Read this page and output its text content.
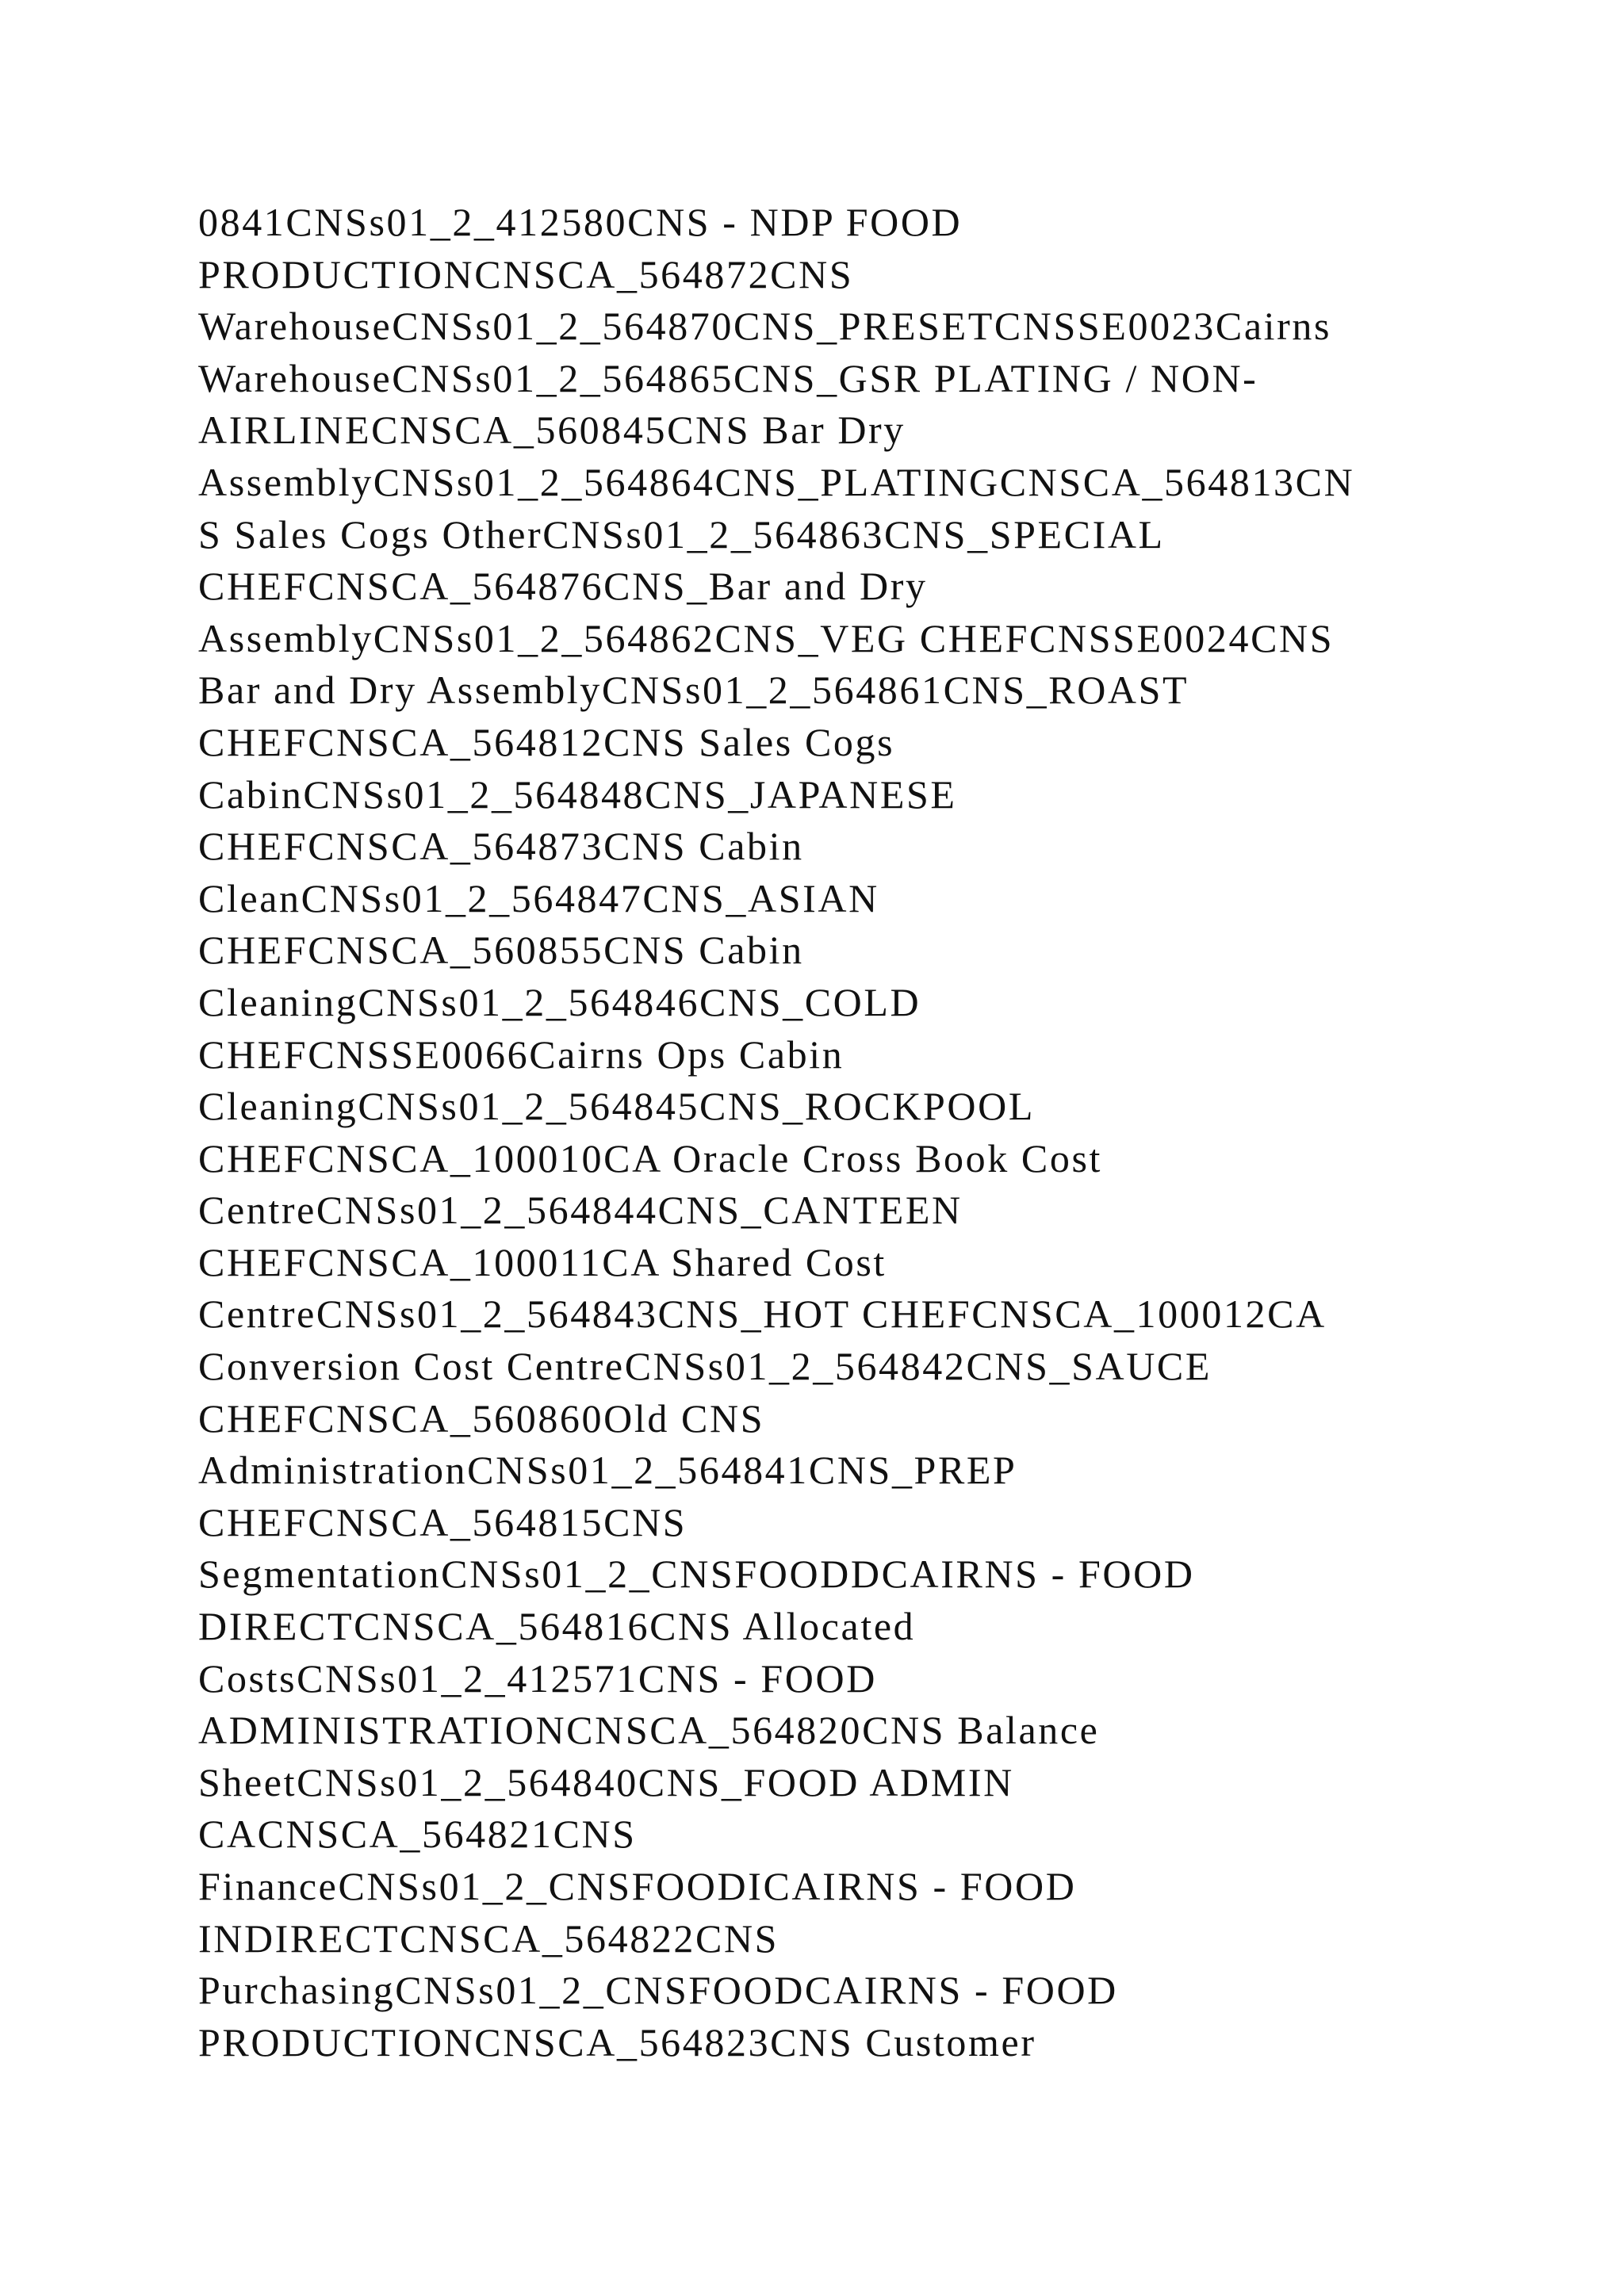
0841CNSs01_2_412580CNS - NDP FOOD
PRODUCTIONCNSCA_564872CNS
WarehouseCNSs01_2_564870CNS_PRESETCNSSE0023Cairns
WarehouseCNSs01_2_564865CNS_GSR PLATING / NON-
AIRLINECNSCA_560845CNS Bar Dry
AssemblyCNSs01_2_564864CNS_PLATINGCNSCA_564813CN
S Sales Cogs OtherCNSs01_2_564863CNS_SPECIAL
CHEFCNSCA_564876CNS_Bar and Dry
AssemblyCNSs01_2_564862CNS_VEG CHEFCNSSE0024CNS
Bar and Dry AssemblyCNSs01_2_564861CNS_ROAST
CHEFCNSCA_564812CNS Sales Cogs
CabinCNSs01_2_564848CNS_JAPANESE
CHEFCNSCA_564873CNS Cabin
CleanCNSs01_2_564847CNS_ASIAN
CHEFCNSCA_560855CNS Cabin
CleaningCNSs01_2_564846CNS_COLD
CHEFCNSSE0066Cairns Ops Cabin
CleaningCNSs01_2_564845CNS_ROCKPOOL
CHEFCNSCA_100010CA Oracle Cross Book Cost
CentreCNSs01_2_564844CNS_CANTEEN
CHEFCNSCA_100011CA Shared Cost
CentreCNSs01_2_564843CNS_HOT CHEFCNSCA_100012CA
Conversion Cost CentreCNSs01_2_564842CNS_SAUCE
CHEFCNSCA_560860Old CNS
AdministrationCNSs01_2_564841CNS_PREP
CHEFCNSCA_564815CNS
SegmentationCNSs01_2_CNSFOODDCAIRNS - FOOD
DIRECTCNSCA_564816CNS Allocated
CostsCNSs01_2_412571CNS - FOOD
ADMINISTRATIONCNSCA_564820CNS Balance
SheetCNSs01_2_564840CNS_FOOD ADMIN
CACNSCA_564821CNS
FinanceCNSs01_2_CNSFOODICAIRNS - FOOD
INDIRECTCNSCA_564822CNS
PurchasingCNSs01_2_CNSFOODCAIRNS - FOOD
PRODUCTIONCNSCA_564823CNS Customer
